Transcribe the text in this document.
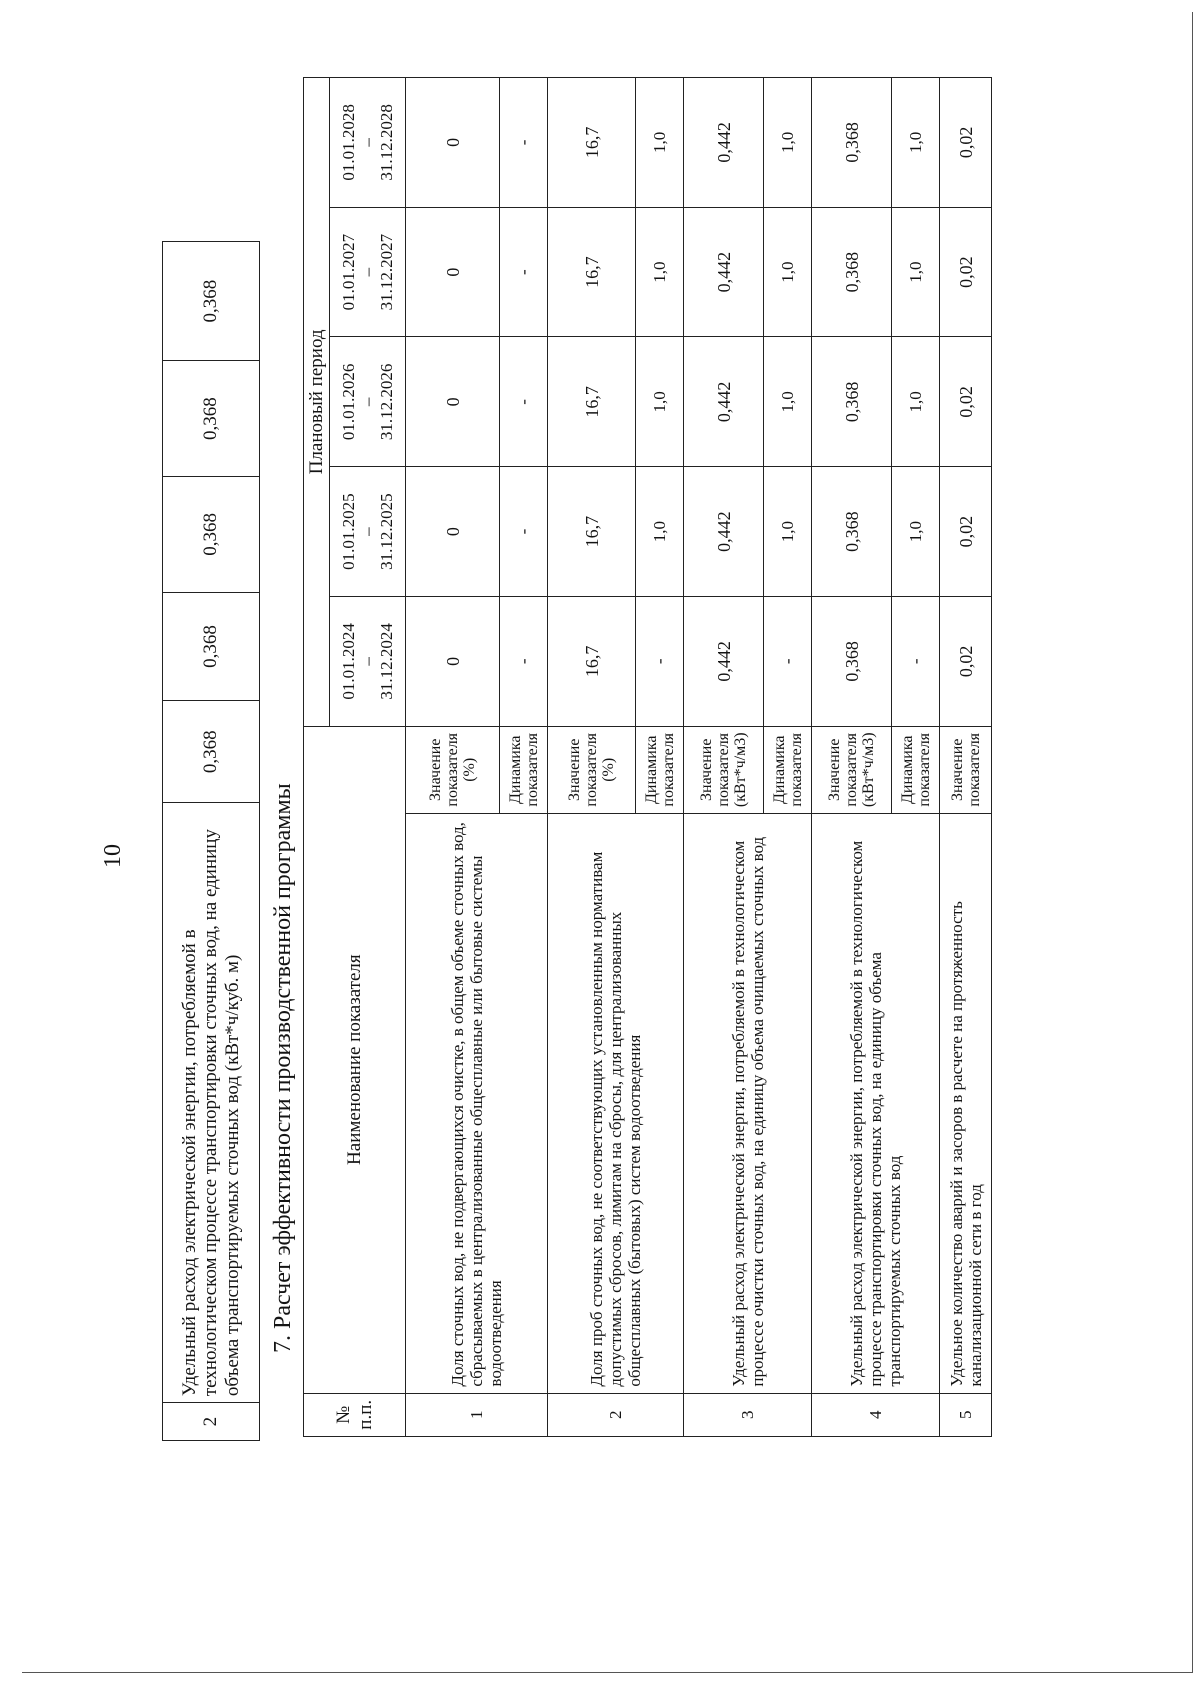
10
2	Удельный расход электрической энергии, потребляемой в технологическом процессе транспортировки сточных вод, на единицу объема транспортируемых сточных вод (кВт*ч/куб. м)	0,368	0,368	0,368	0,368	0,368
7. Расчет эффективности производственной программы
№ п.п.	Наименование показателя		Плановый период				
			01.01.2024 – 31.12.2024	01.01.2025 – 31.12.2025	01.01.2026 – 31.12.2026	01.01.2027 – 31.12.2027	01.01.2028 – 31.12.2028
1	Доля сточных вод, не подвергающихся очистке, в общем объеме сточных вод, сбрасываемых в централизованные общесплавные или бытовые системы водоотведения	Значение показателя (%)	0	0	0	0	0
		Динамика показателя	-	-	-	-	-
2	Доля проб сточных вод, не соответствующих установленным нормативам допустимых сбросов, лимитам на сбросы, для централизованных общесплавных (бытовых) систем водоотведения	Значение показателя (%)	16,7	16,7	16,7	16,7	16,7
		Динамика показателя	-	1,0	1,0	1,0	1,0
3	Удельный расход электрической энергии, потребляемой в технологическом процессе очистки сточных вод, на единицу объема очищаемых сточных вод	Значение показателя (кВт*ч/м3)	0,442	0,442	0,442	0,442	0,442
		Динамика показателя	-	1,0	1,0	1,0	1,0
4	Удельный расход электрической энергии, потребляемой в технологическом процессе транспортировки сточных вод, на единицу объема транспортируемых сточных вод	Значение показателя (кВт*ч/м3)	0,368	0,368	0,368	0,368	0,368
		Динамика показателя	-	1,0	1,0	1,0	1,0
5	Удельное количество аварий и засоров в расчете на протяженность канализационной сети в год	Значение показателя	0,02	0,02	0,02	0,02	0,02
